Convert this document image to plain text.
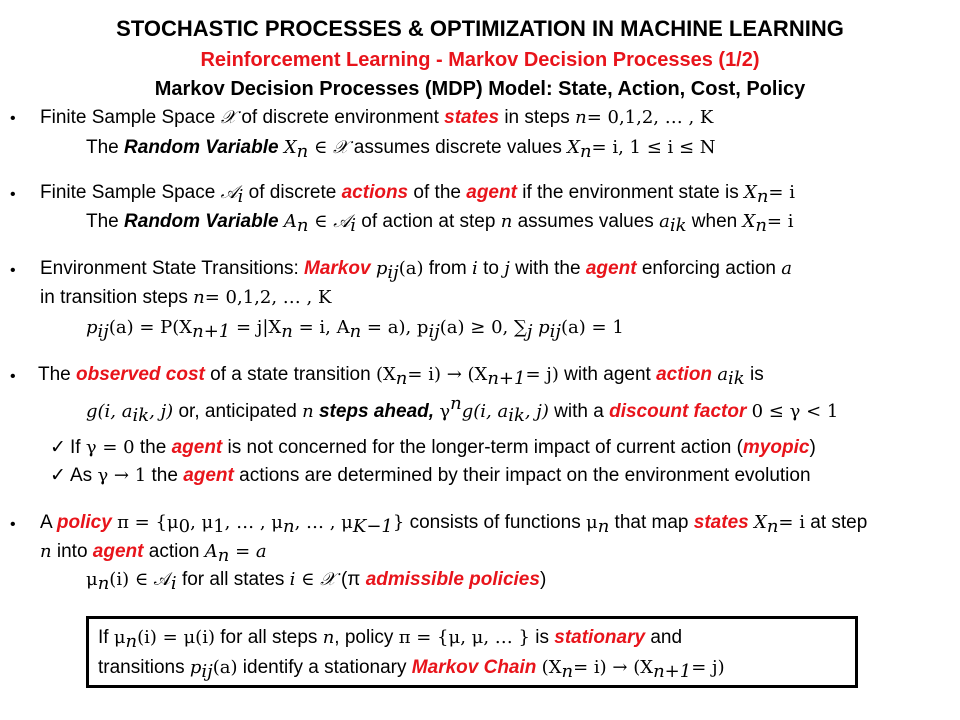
STOCHASTIC PROCESSES & OPTIMIZATION IN MACHINE LEARNING
Reinforcement Learning - Markov Decision Processes (1/2)
Markov Decision Processes (MDP) Model: State, Action, Cost, Policy
• Finite Sample Space 𝒳 of discrete environment states in steps n= 0,1,2, … , K
The Random Variable $X_n$ ∈ 𝒳 assumes discrete values $X_n= i$, 1 ≤ i ≤ N
• Finite Sample Space 𝒜$_i$ of discrete actions of the agent if the environment state is $X_n= i$
The Random Variable $A_n$ ∈ 𝒜$_i$ of action at step n assumes values $a_{ik}$ when $X_n= i$
• Environment State Transitions: Markov $p_{ij}(a)$ from i to j with the agent enforcing action a
in transition steps n= 0,1,2, … , K
$p_{ij}(a) = P(X_{n+1} = j|X_n = i$, $A_n = a$), $p_{ij}(a) \ge 0$, $\sum_j$ $p_{ij}(a) = 1$
• The observed cost of a state transition $(X_n= i) \to (X_{n+1}= j)$ with agent action $a_{ik}$ is
g(i, $a_{ik}$, j) or, anticipated n steps ahead, $\gamma^ng(i$, $a_{ik}$, j) with a discount factor 0 ≤ γ < 1
✓ If γ = 0 the agent is not concerned for the longer-term impact of current action (myopic)
✓ As γ → 1 the agent actions are determined by their impact on the environment evolution
• A policy $\pi = \{\mu_0$, $\mu_1$, … , $\mu_n$, … , $\mu_{K-1}$} consists of functions $\mu_n$ that map states $X_n= i$ at step
n into agent action $A_n = a$
$\mu_n(i)$ ∈ 𝒜$_i$ for all states i ∈ 𝒳 (π admissible policies)
If $\mu_n(i) = \mu(i)$ for all steps n, policy π = {μ, μ, … } is stationary and
transitions $p_{ij}(a)$ identify a stationary Markov Chain $(X_n= i) \to (X_{n+1}= j)$
